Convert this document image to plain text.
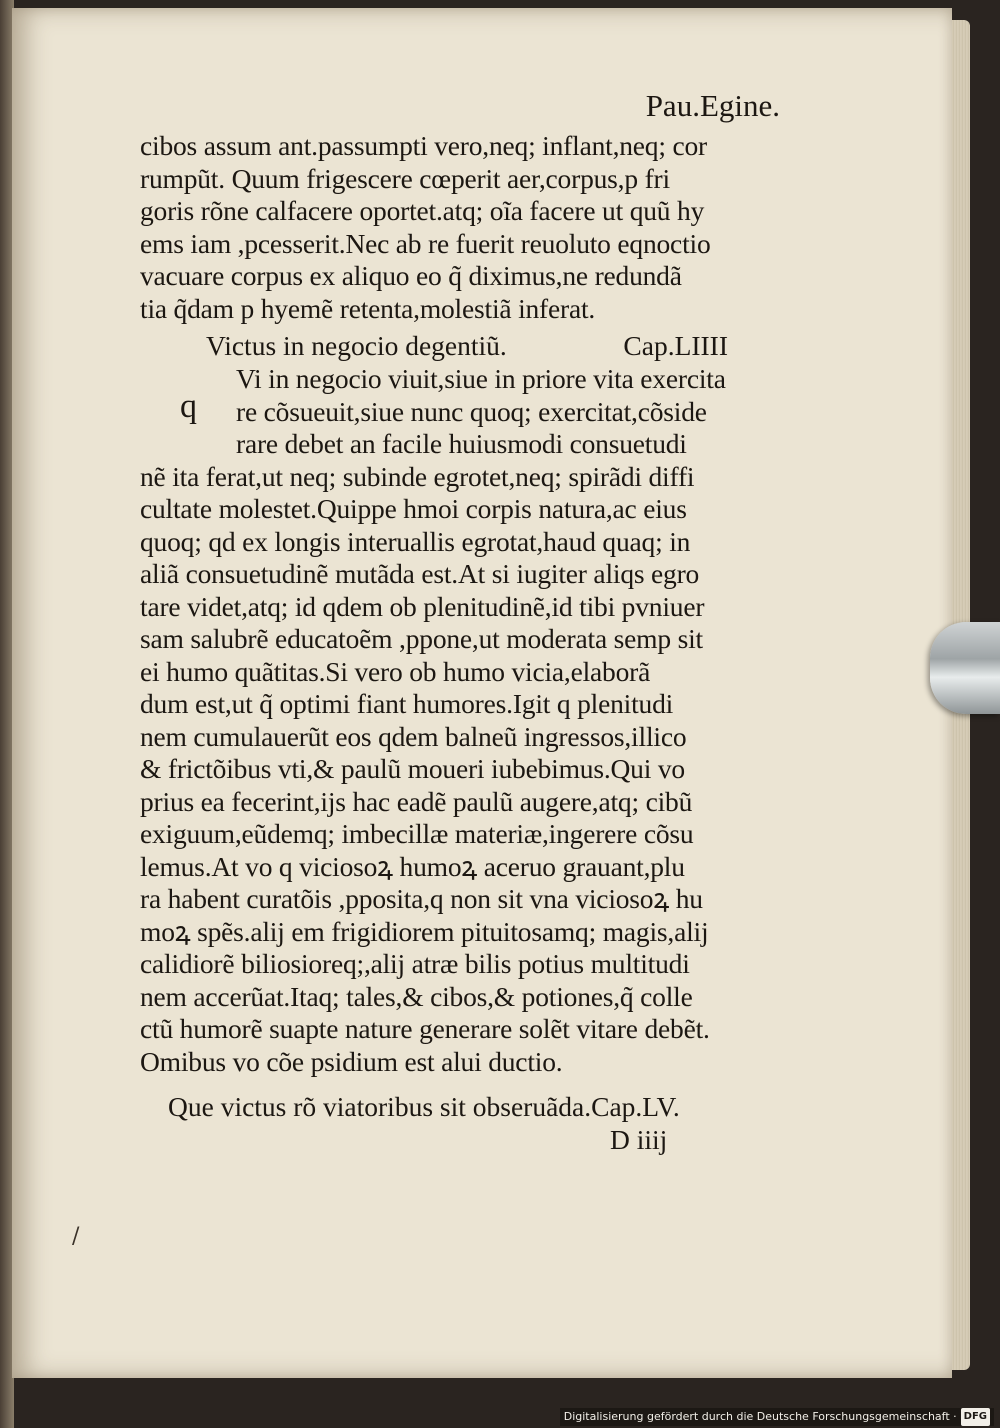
Pau.Egine.
cibos assum ant.passumpti vero,neq; inflant,neq; cor
rumpũt. Quum frigescere cœperit aer,corpus,p fri
goris rõne calfacere oportet.atq; oĩa facere ut quũ hy
ems iam ,pcesserit.Nec ab re fuerit reuoluto eqnoctio
vacuare corpus ex aliquo eo q̃ diximus,ne redundã
tia q̃dam p hyemẽ retenta,molestiã inferat.
Victus in negocio degentiũ.	Cap.LIIII
q
Vi in negocio viuit,siue in priore vita exercita
re cõsueuit,siue nunc quoq; exercitat,cõside
rare debet an facile huiusmodi consuetudi
nẽ ita ferat,ut neq; subinde egrotet,neq; spirãdi diffi
cultate molestet.Quippe hmoi corpis natura,ac eius
quoq; qd ex longis interuallis egrotat,haud quaq; in
aliã consuetudinẽ mutãda est.At si iugiter aliqs egro
tare videt,atq; id qdem ob plenitudinẽ,id tibi pvniuer
sam salubrẽ educatoẽm ,ppone,ut moderata semp sit
ei humo quãtitas.Si vero ob humo vicia,elaborã
dum est,ut q̃ optimi fiant humores.Igit q plenitudi
nem cumulauerũt eos qdem balneũ ingressos,illico
& frictõibus vti,& paulũ moueri iubebimus.Qui vo
prius ea fecerint,ijs hac eadẽ paulũ augere,atq; cibũ
exiguum,eũdemq; imbecillæ materiæ,ingerere cõsu
lemus.At vo q viciosoꝝ humoꝝ aceruo grauant,plu
ra habent curatõis ,pposita,q non sit vna viciosoꝝ hu
moꝝ spẽs.alij em frigidiorem pituitosamq; magis,alij
calidiorẽ biliosioreq;,alij atræ bilis potius multitudi
nem accerũat.Itaq; tales,& cibos,& potiones,q̃ colle
ctũ humorẽ suapte nature generare solẽt vitare debẽt.
Omibus vo cõe psidium est alui ductio.
Que victus rõ viatoribus sit obseruãda.Cap.LV.
D iiij
/
Digitalisierung gefördert durch die Deutsche Forschungsgemeinschaft · DFG
